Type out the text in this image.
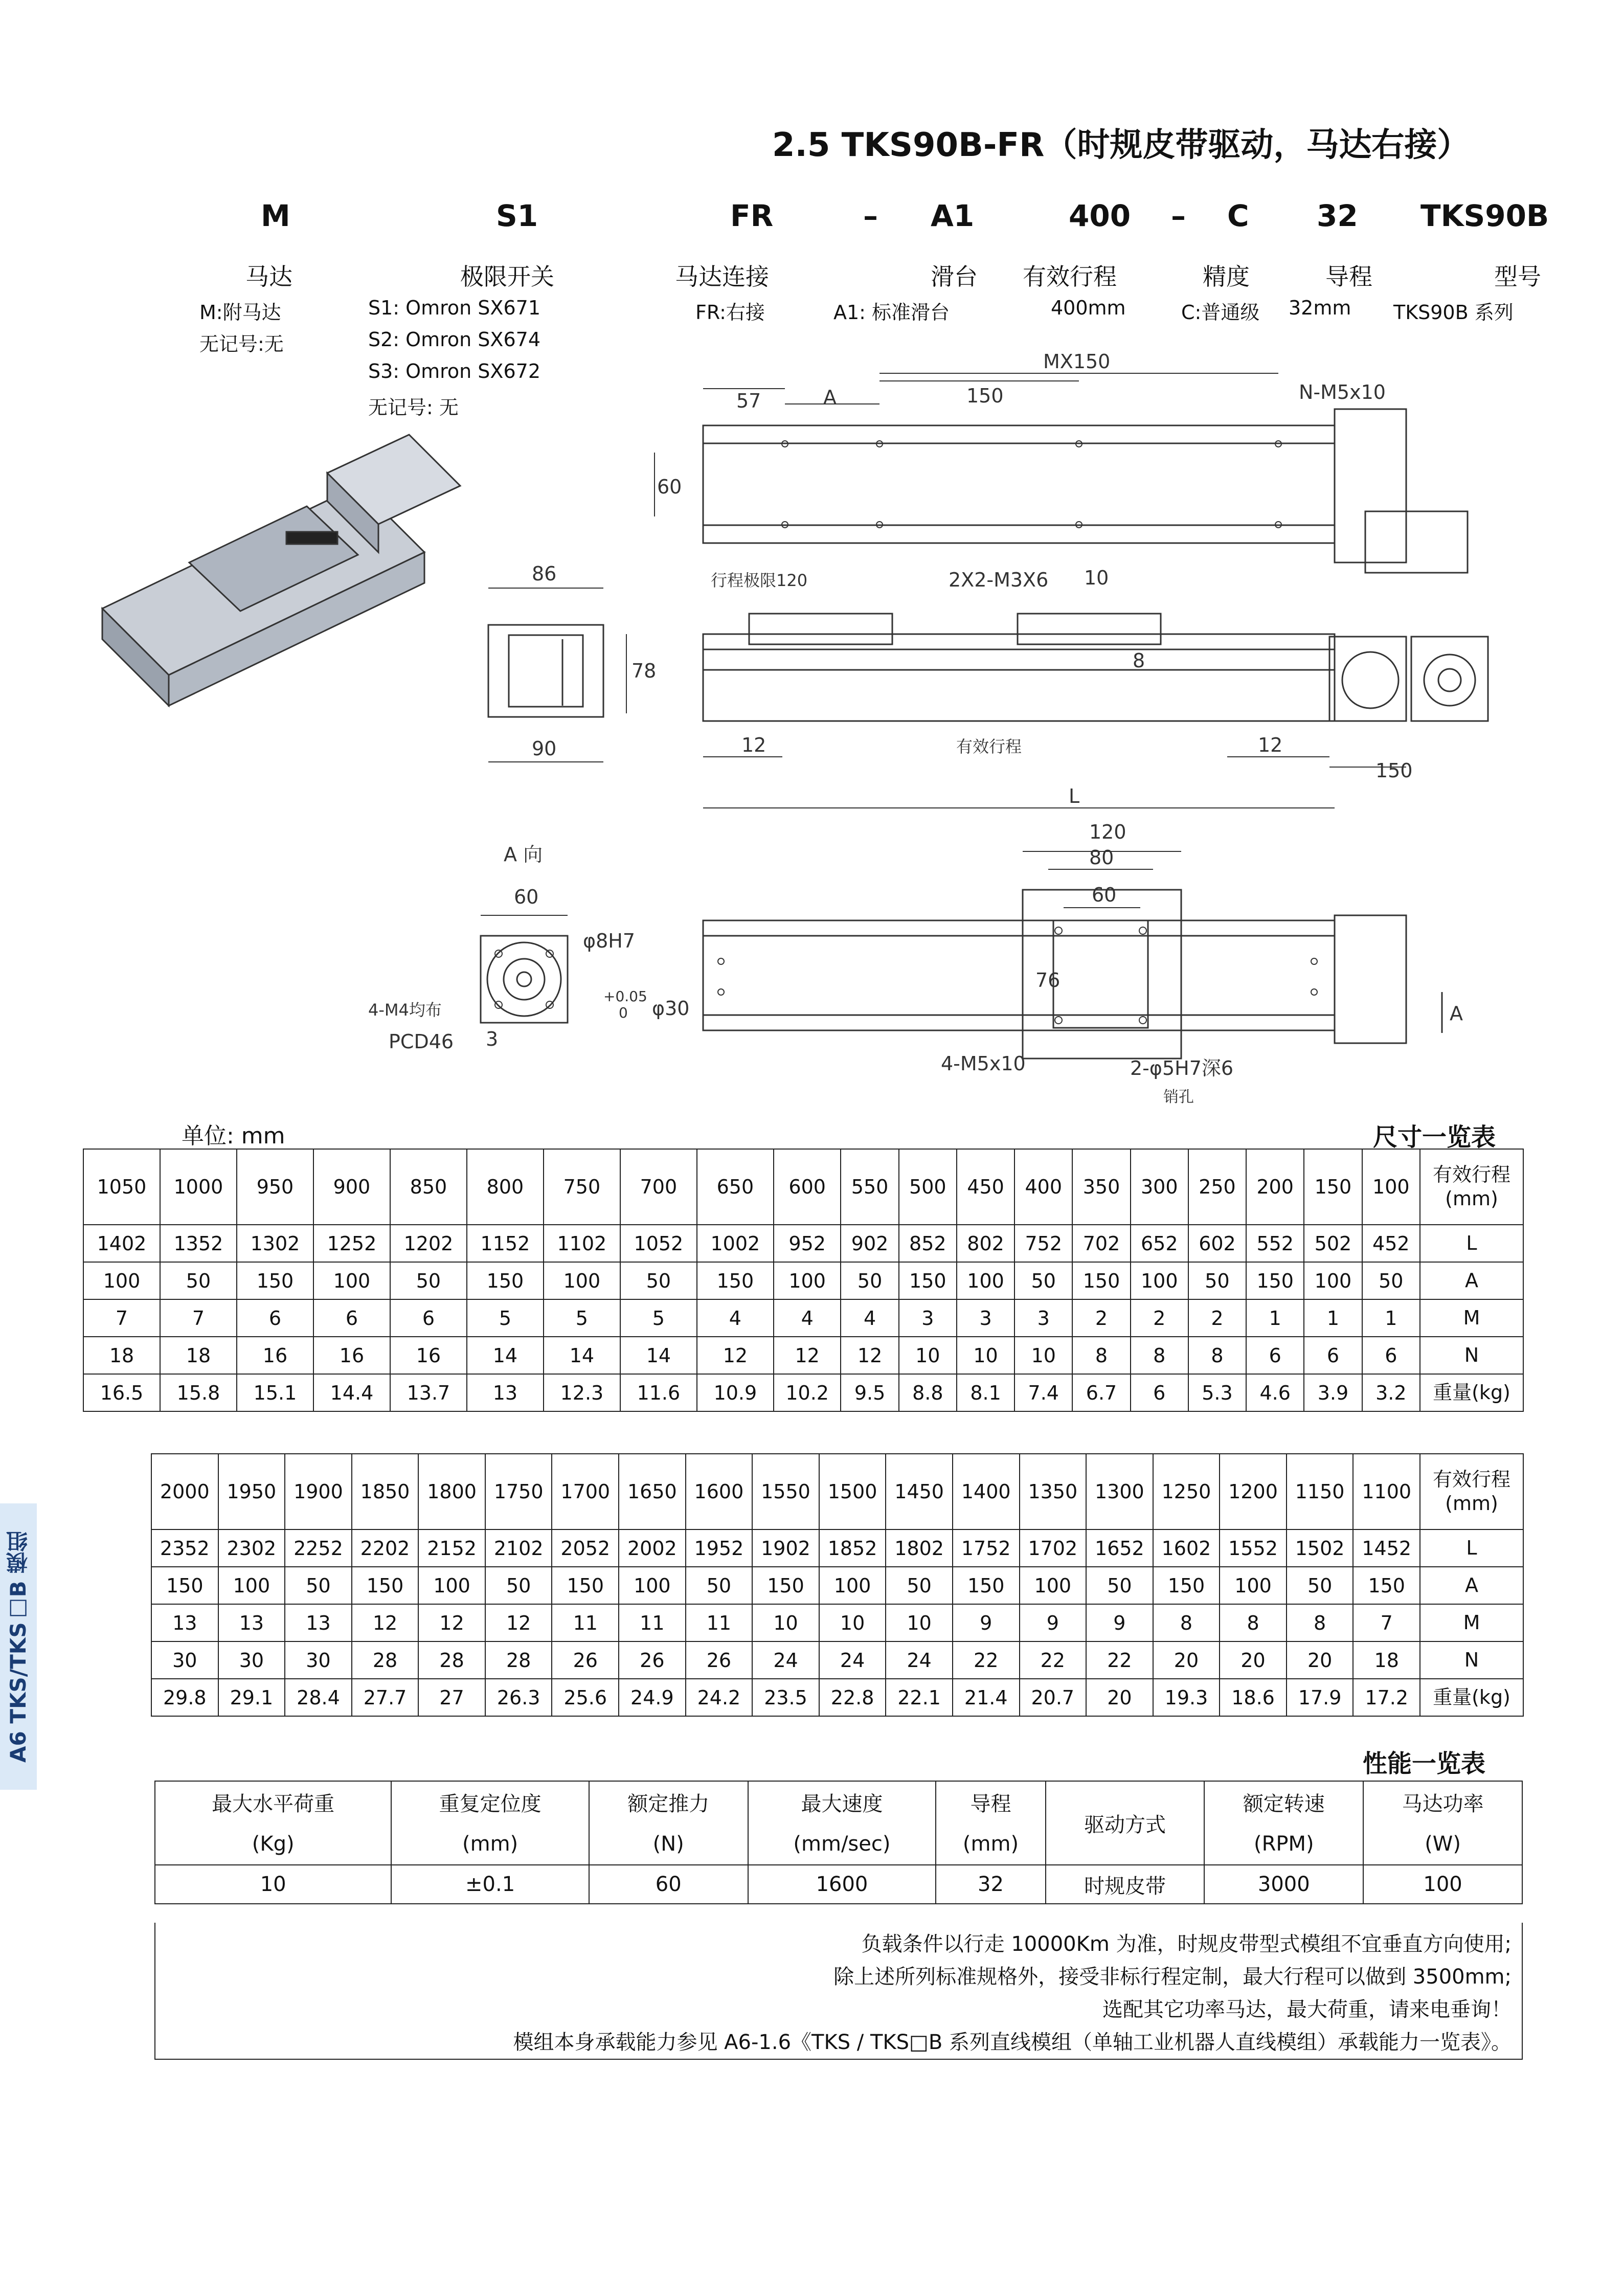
2.5 TKS90B-FR（时规皮带驱动，马达右接）
TKS90B
32
C
–
400
A1
–
FR
S1
M
型号
TKS90B 系列
导程
32mm
精度
C:普通级
有效行程
400mm
滑台
A1: 标准滑台
马达连接
FR:右接
极限开关
S1: Omron SX671
S2: Omron SX674
S3: Omron SX672
无记号: 无
马达
M:附马达
无记号:无
MX150
N-M5x10
57	A	150
60
行程极限120	2X2-M3X6 10
86
78	8
90	12	有效行程	12
150
L
A 向
60
φ8H7
+0.05
0 φ30
4-M4均布
PCD46 3
120
80
60
76
4-M5x10	2-φ5H7深6
销孔
A
尺寸一览表
单位: mm
1050	1000	950	900	850	800	750	700	650	600	550	500	450	400	350	300	250	200	150	100	有效行程
(mm)
1402	1352	1302	1252	1202	1152	1102	1052	1002	952	902	852	802	752	702	652	602	552	502	452	L
100	50	150	100	50	150	100	50	150	100	50	150	100	50	150	100	50	150	100	50	A
7	7	6	6	6	5	5	5	4	4	4	3	3	3	2	2	2	1	1	1	M
18	18	16	16	16	14	14	14	12	12	12	10	10	10	8	8	8	6	6	6	N
16.5	15.8	15.1	14.4	13.7	13	12.3	11.6	10.9	10.2	9.5	8.8	8.1	7.4	6.7	6	5.3	4.6	3.9	3.2	重量(kg)
2000	1950	1900	1850	1800	1750	1700	1650	1600	1550	1500	1450	1400	1350	1300	1250	1200	1150	1100	有效行程
(mm)
2352	2302	2252	2202	2152	2102	2052	2002	1952	1902	1852	1802	1752	1702	1652	1602	1552	1502	1452	L
150	100	50	150	100	50	150	100	50	150	100	50	150	100	50	150	100	50	150	A
13	13	13	12	12	12	11	11	11	10	10	10	9	9	9	8	8	8	7	M
30	30	30	28	28	28	26	26	26	24	24	24	22	22	22	20	20	20	18	N
29.8	29.1	28.4	27.7	27	26.3	25.6	24.9	24.2	23.5	22.8	22.1	21.4	20.7	20	19.3	18.6	17.9	17.2	重量(kg)
A6 TKS/TKS□B 模组
性能一览表
最大水平荷重	重复定位度	额定推力	最大速度	导程	驱动方式	额定转速	马达功率
(Kg)	(mm)	(N)	(mm/sec)	(mm)		(RPM)	(W)
10	±0.1	60	1600	32	时规皮带	3000	100
负载条件以行走 10000Km 为准，时规皮带型式模组不宜垂直方向使用;
除上述所列标准规格外，接受非标行程定制，最大行程可以做到 3500mm;
选配其它功率马达，最大荷重，请来电垂询！
模组本身承载能力参见 A6-1.6《TKS / TKS□B 系列直线模组（单轴工业机器人直线模组）承载能力一览表》。
